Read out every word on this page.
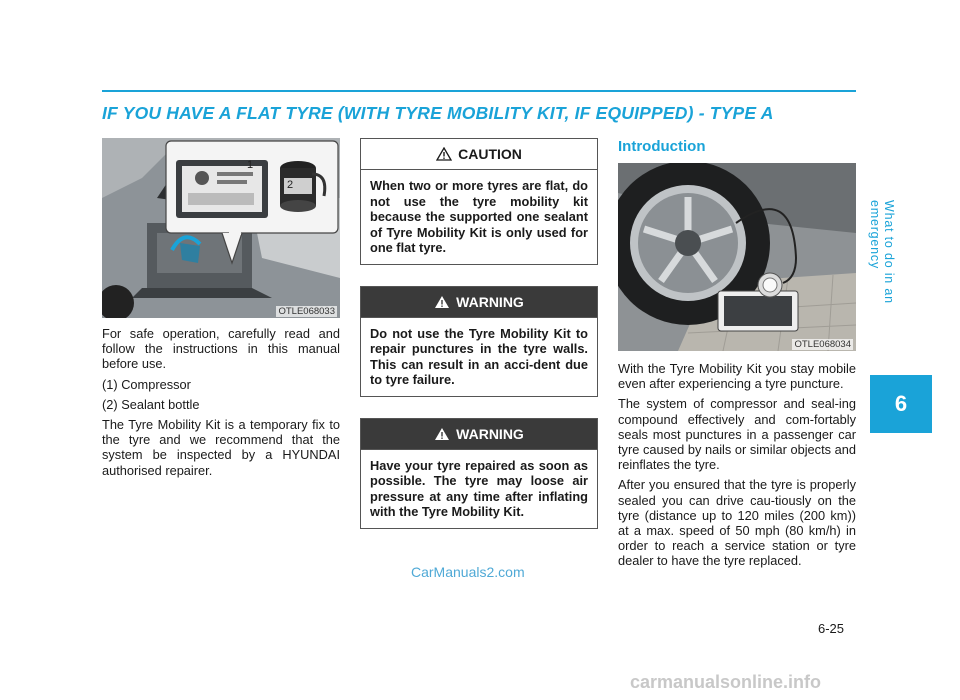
IF YOU HAVE A FLAT TYRE (WITH TYRE MOBILITY KIT, IF EQUIPPED) - TYPE A
What to do in an emergency
6
1
2
OTLE068033

For safe operation, carefully read and follow the instructions in this manual before use.

(1) Compressor

(2) Sealant bottle

The Tyre Mobility Kit is a temporary fix to the tyre and we recommend that the system be inspected by a HYUNDAI authorised repairer.

CAUTION
When two or more tyres are flat, do not use the tyre mobility kit because the supported one sealant of Tyre Mobility Kit is only used for one flat tyre.
WARNING
Do not use the Tyre Mobility Kit to repair punctures in the tyre walls. This can result in an acci-dent due to tyre failure.
WARNING
Have your tyre repaired as soon as possible. The tyre may loose air pressure at any time after inflating with the Tyre Mobility Kit.
Introduction
OTLE068034

With the Tyre Mobility Kit you stay mobile even after experiencing a tyre puncture.

The system of compressor and seal-ing compound effectively and com-fortably seals most punctures in a passenger car tyre caused by nails or similar objects and reinflates the tyre.

After you ensured that the tyre is properly sealed you can drive cau-tiously on the tyre (distance up to 120 miles (200 km)) at a max. speed of 50 mph (80 km/h) in order to reach a service station or tyre dealer to have the tyre replaced.

CarManuals2.com
6-25
carmanualsonline.info
